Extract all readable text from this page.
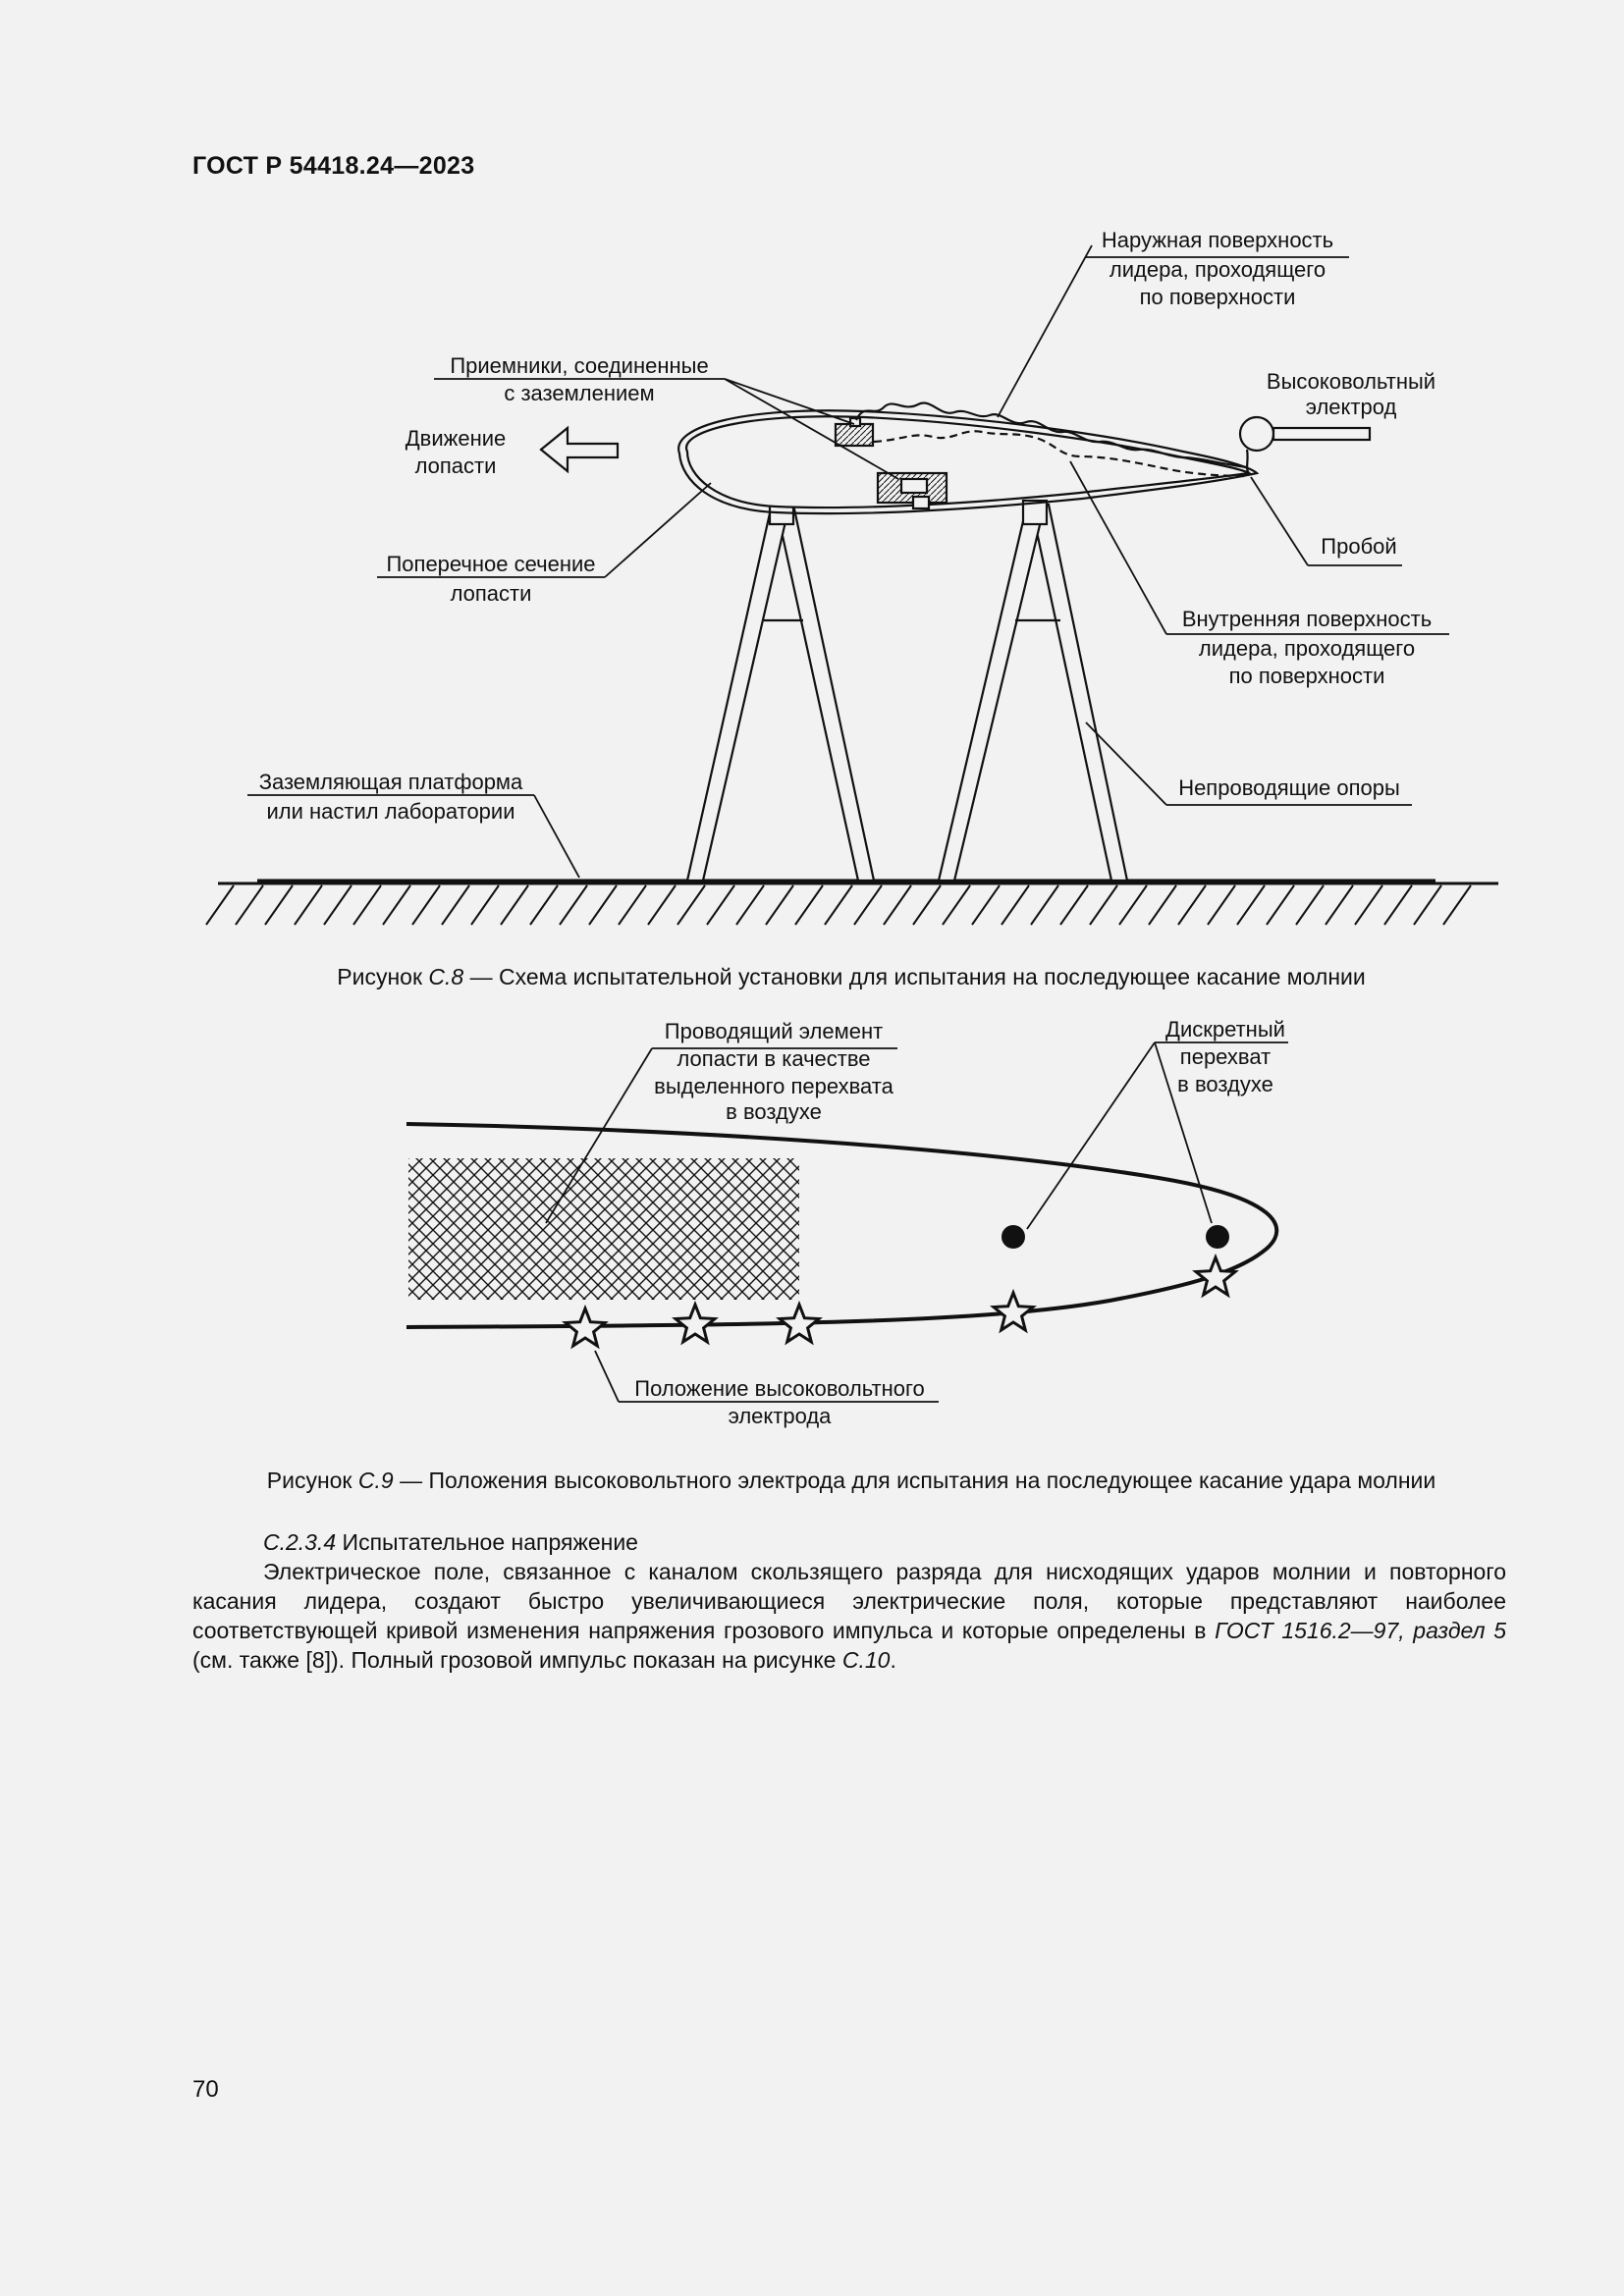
ГОСТ Р 54418.24—2023
Наружная поверхность
лидера, проходящего
по поверхности
Приемники, соединенные
с заземлением	Высоковольтный
электрод
Движение
лопасти
Поперечное сечение
лопасти
Пробой
Внутренняя поверхность
лидера, проходящего
по поверхности
Заземляющая платформа
или настил лаборатории
Непроводящие опоры
Проводящий элемент
лопасти в качестве
выделенного перехвата
в воздухе
Дискретный
перехват
в воздухе
Положение высоковольтного
электрода
Рисунок С.8 — Схема испытательной установки для испытания на последующее касание молнии
Рисунок С.9 — Положения высоковольтного электрода для испытания на последующее касание удара молнии
С.2.3.4 Испытательное напряжение
Электрическое поле, связанное с каналом скользящего разряда для нисходящих ударов молнии и повторного касания лидера, создают быстро увеличивающиеся электрические поля, которые представляют наиболее соответствующей кривой изменения напряжения грозового импульса и которые определены в ГОСТ 1516.2—97, раздел 5 (см. также [8]). Полный грозовой импульс показан на рисунке С.10.
70
